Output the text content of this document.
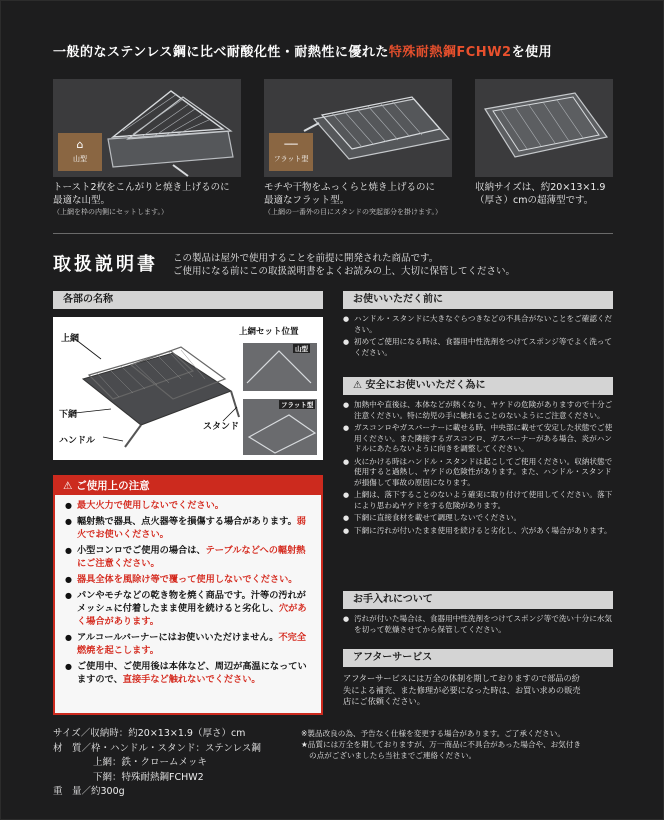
一般的なステンレス鋼に比べ耐酸化性・耐熱性に優れた特殊耐熱鋼FCHW2を使用
⌂
山型
──
フラット型
トースト2枚をこんがりと焼き上げるのに
最適な山型。
（上網を枠の内側にセットします。）
モチや干物をふっくらと焼き上げるのに
最適なフラット型。
（上網の一番外の目にスタンドの突起部分を掛けます。）
収納サイズは、約20×13×1.9
（厚さ）cmの超薄型です。
取扱説明書 この製品は屋外で使用することを前提に開発された商品です。
ご使用になる前にこの取扱説明書をよくお読みの上、大切に保管してください。
各部の名称
上網
下網
ハンドル
スタンド
上網セット位置
山型
フラット型
⚠ ご使用上の注意
● 最大火力で使用しないでください。
● 輻射熱で器具、点火器等を損傷する場合があります。弱火でお使いください。
● 小型コンロでご使用の場合は、テーブルなどへの輻射熱にご注意ください。
● 器具全体を風除け等で覆って使用しないでください。
● パンやモチなどの乾き物を焼く商品です。汁等の汚れがメッシュに付着したまま使用を続けると劣化し、穴があく場合があります。
● アルコールバーナーにはお使いいただけません。不完全燃焼を起こします。
● ご使用中、ご使用後は本体など、周辺が高温になっていますので、直接手など触れないでください。
お使いいただく前に
● ハンドル・スタンドに大きなぐらつきなどの不具合がないことをご確認ください。
● 初めてご使用になる時は、食器用中性洗剤をつけてスポンジ等でよく洗ってください。
⚠ 安全にお使いいただく為に
● 加熱中や直後は、本体などが熱くなり、ヤケドの危険がありますので十分ご注意ください。特に幼児の手に触れることのないようにご注意ください。
● ガスコンロやガスバーナーに載せる時、中央部に載せて安定した状態でご使用ください。また隣接するガスコンロ、ガスバーナーがある場合、炎がハンドルにあたらないように向きを調整してください。
● 火にかける時はハンドル・スタンドは起こしてご使用ください。収納状態で使用すると過熱し、ヤケドの危険性があります。また、ハンドル・スタンドが損傷して事故の原因になります。
● 上網は、落下することのないよう確実に取り付けて使用してください。落下により思わぬヤケドをする危険があります。
● 下網に直接食材を載せて調理しないでください。
● 下網に汚れが付いたまま使用を続けると劣化し、穴があく場合があります。
お手入れについて
● 汚れが付いた場合は、食器用中性洗剤をつけてスポンジ等で洗い十分に水気を切って乾燥させてから保管してください。
アフターサービス
アフターサービスには万全の体制を期しておりますので部品の紛
失による補充、また修理が必要になった時は、お買い求めの販売
店にご依頼ください。
サイズ／収納時：約20×13×1.9（厚さ）cm
材　質／枠・ハンドル・スタンド：ステンレス鋼
上網：鉄・クロームメッキ
下網：特殊耐熱鋼FCHW2
重　量／約300g
※製品改良の為、予告なく仕様を変更する場合があります。ご了承ください。
★品質には万全を期しておりますが、万一商品に不具合があった場合や、お気付き
の点がございましたら当社までご連絡ください。
